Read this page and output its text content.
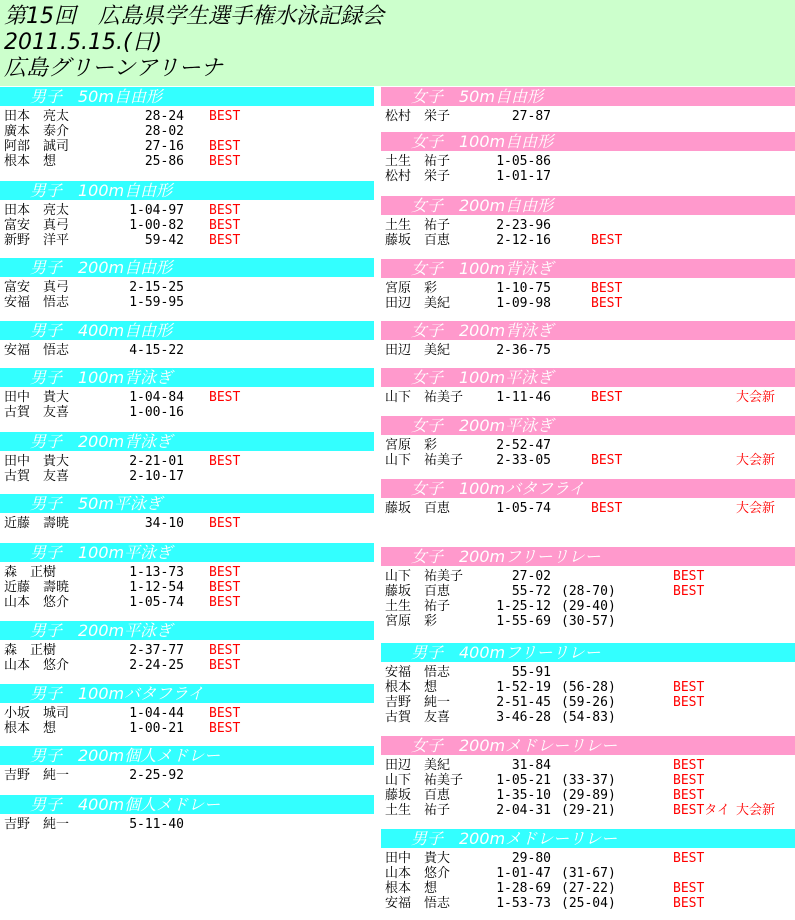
第15回　広島県学生選手権水泳記録会
2011.5.15.(日)
広島グリーンアリーナ
男子　50m自由形
田本　亮太	28-24 BEST
廣本　泰介	28-02
阿部　誠司	27-16 BEST
根本　想	25-86 BEST
男子　100m自由形
田本　亮太	1-04-97 BEST
富安　真弓	1-00-82 BEST
新野　洋平	59-42 BEST
男子　200m自由形
富安　真弓	2-15-25
安福　悟志	1-59-95
男子　400m自由形
安福　悟志	4-15-22
男子　100m背泳ぎ
田中　貴大	1-04-84 BEST
古賀　友喜	1-00-16
男子　200m背泳ぎ
田中　貴大	2-21-01 BEST
古賀　友喜	2-10-17
男子　50m平泳ぎ
近藤　壽暁	34-10 BEST
男子　100m平泳ぎ
森　正樹	1-13-73 BEST
近藤　壽暁	1-12-54 BEST
山本　悠介	1-05-74 BEST
男子　200m平泳ぎ
森　正樹	2-37-77 BEST
山本　悠介	2-24-25 BEST
男子　100mバタフライ
小坂　城司	1-04-44 BEST
根本　想	1-00-21 BEST
男子　200m個人メドレー
吉野　純一	2-25-92
男子　400m個人メドレー
吉野　純一	5-11-40
女子　50m自由形
松村　栄子	27-87
女子　100m自由形
土生　祐子	1-05-86
松村　栄子	1-01-17
女子　200m自由形
土生　祐子	2-23-96
藤坂　百恵	2-12-16	BEST
女子　100m背泳ぎ
宮原　彩	1-10-75	BEST
田辺　美紀	1-09-98	BEST
女子　200m背泳ぎ
田辺　美紀	2-36-75
女子　100m平泳ぎ
山下　祐美子	1-11-46	BEST	大会新
女子　200m平泳ぎ
宮原　彩	2-52-47
山下　祐美子	2-33-05	BEST	大会新
女子　100mバタフライ
藤坂　百恵	1-05-74	BEST	大会新
女子　200mフリーリレー
山下　祐美子	27-02	BEST
藤坂　百恵	55-72 (28-70)	BEST
土生　祐子	1-25-12 (29-40)
宮原　彩	1-55-69 (30-57)
男子　400mフリーリレー
安福　悟志	55-91
根本　想	1-52-19 (56-28)	BEST
吉野　純一	2-51-45 (59-26)	BEST
古賀　友喜	3-46-28 (54-83)
女子　200mメドレーリレー
田辺　美紀	31-84	BEST
山下　祐美子	1-05-21 (33-37)	BEST
藤坂　百恵	1-35-10 (29-89)	BEST
土生　祐子	2-04-31 (29-21)	BESTタイ 大会新
男子　200mメドレーリレー
田中　貴大	29-80	BEST
山本　悠介	1-01-47 (31-67)
根本　想	1-28-69 (27-22)	BEST
安福　悟志	1-53-73 (25-04)	BEST
